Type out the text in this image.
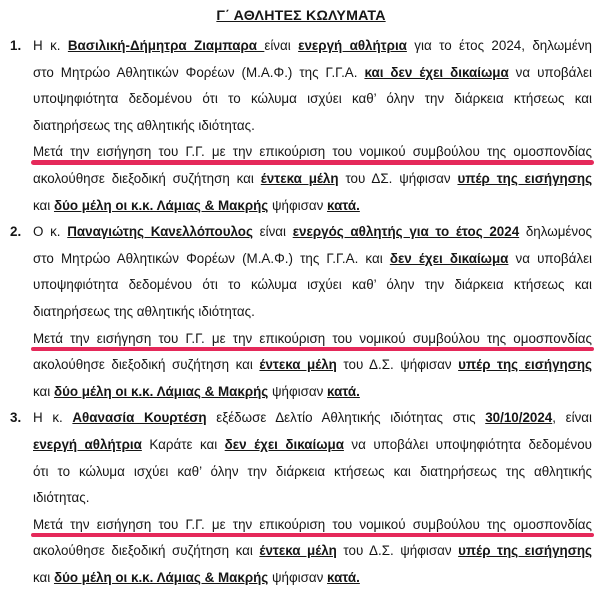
Γ΄ ΑΘΛΗΤΕΣ ΚΩΛΥΜΑΤΑ
1. Η κ. Βασιλική-Δήμητρα Ζιαμπαρα είναι ενεργή αθλήτρια για το έτος 2024, δηλωμένη
στο Μητρώο Αθλητικών Φορέων (Μ.Α.Φ.) της Γ.Γ.Α. και δεν έχει δικαίωμα να υποβάλει
υποψηφιότητα δεδομένου ότι το κώλυμα ισχύει καθ’ όλην την διάρκεια κτήσεως και
διατηρήσεως της αθλητικής ιδιότητας.
Μετά την εισήγηση του Γ.Γ. με την επικούριση του νομικού συμβούλου της ομοσπονδίας
ακολούθησε διεξοδική συζήτηση και έντεκα μέλη του ΔΣ. ψήφισαν υπέρ της εισήγησης
και δύο μέλη οι κ.κ. Λάμιας & Μακρής ψήφισαν κατά.
2. Ο κ. Παναγιώτης Κανελλόπουλος είναι ενεργός αθλητής για το έτος 2024 δηλωμένος
στο Μητρώο Αθλητικών Φορέων (Μ.Α.Φ.) της Γ.Γ.Α. και δεν έχει δικαίωμα να υποβάλει
υποψηφιότητα δεδομένου ότι το κώλυμα ισχύει καθ’ όλην την διάρκεια κτήσεως και
διατηρήσεως της αθλητικής ιδιότητας.
Μετά την εισήγηση του Γ.Γ. με την επικούριση του νομικού συμβούλου της ομοσπονδίας
ακολούθησε διεξοδική συζήτηση και έντεκα μέλη του Δ.Σ. ψήφισαν υπέρ της εισήγησης
και δύο μέλη οι κ.κ. Λάμιας & Μακρής ψήφισαν κατά.
3. Η κ. Αθανασία Κουρτέση εξέδωσε Δελτίο Αθλητικής ιδιότητας στις 30/10/2024, είναι
ενεργή αθλήτρια Καράτε και δεν έχει δικαίωμα να υποβάλει υποψηφιότητα δεδομένου
ότι το κώλυμα ισχύει καθ’ όλην την διάρκεια κτήσεως και διατηρήσεως της αθλητικής
ιδιότητας.
Μετά την εισήγηση του Γ.Γ. με την επικούριση του νομικού συμβούλου της ομοσπονδίας
ακολούθησε διεξοδική συζήτηση και έντεκα μέλη του Δ.Σ. ψήφισαν υπέρ της εισήγησης
και δύο μέλη οι κ.κ. Λάμιας & Μακρής ψήφισαν κατά.
